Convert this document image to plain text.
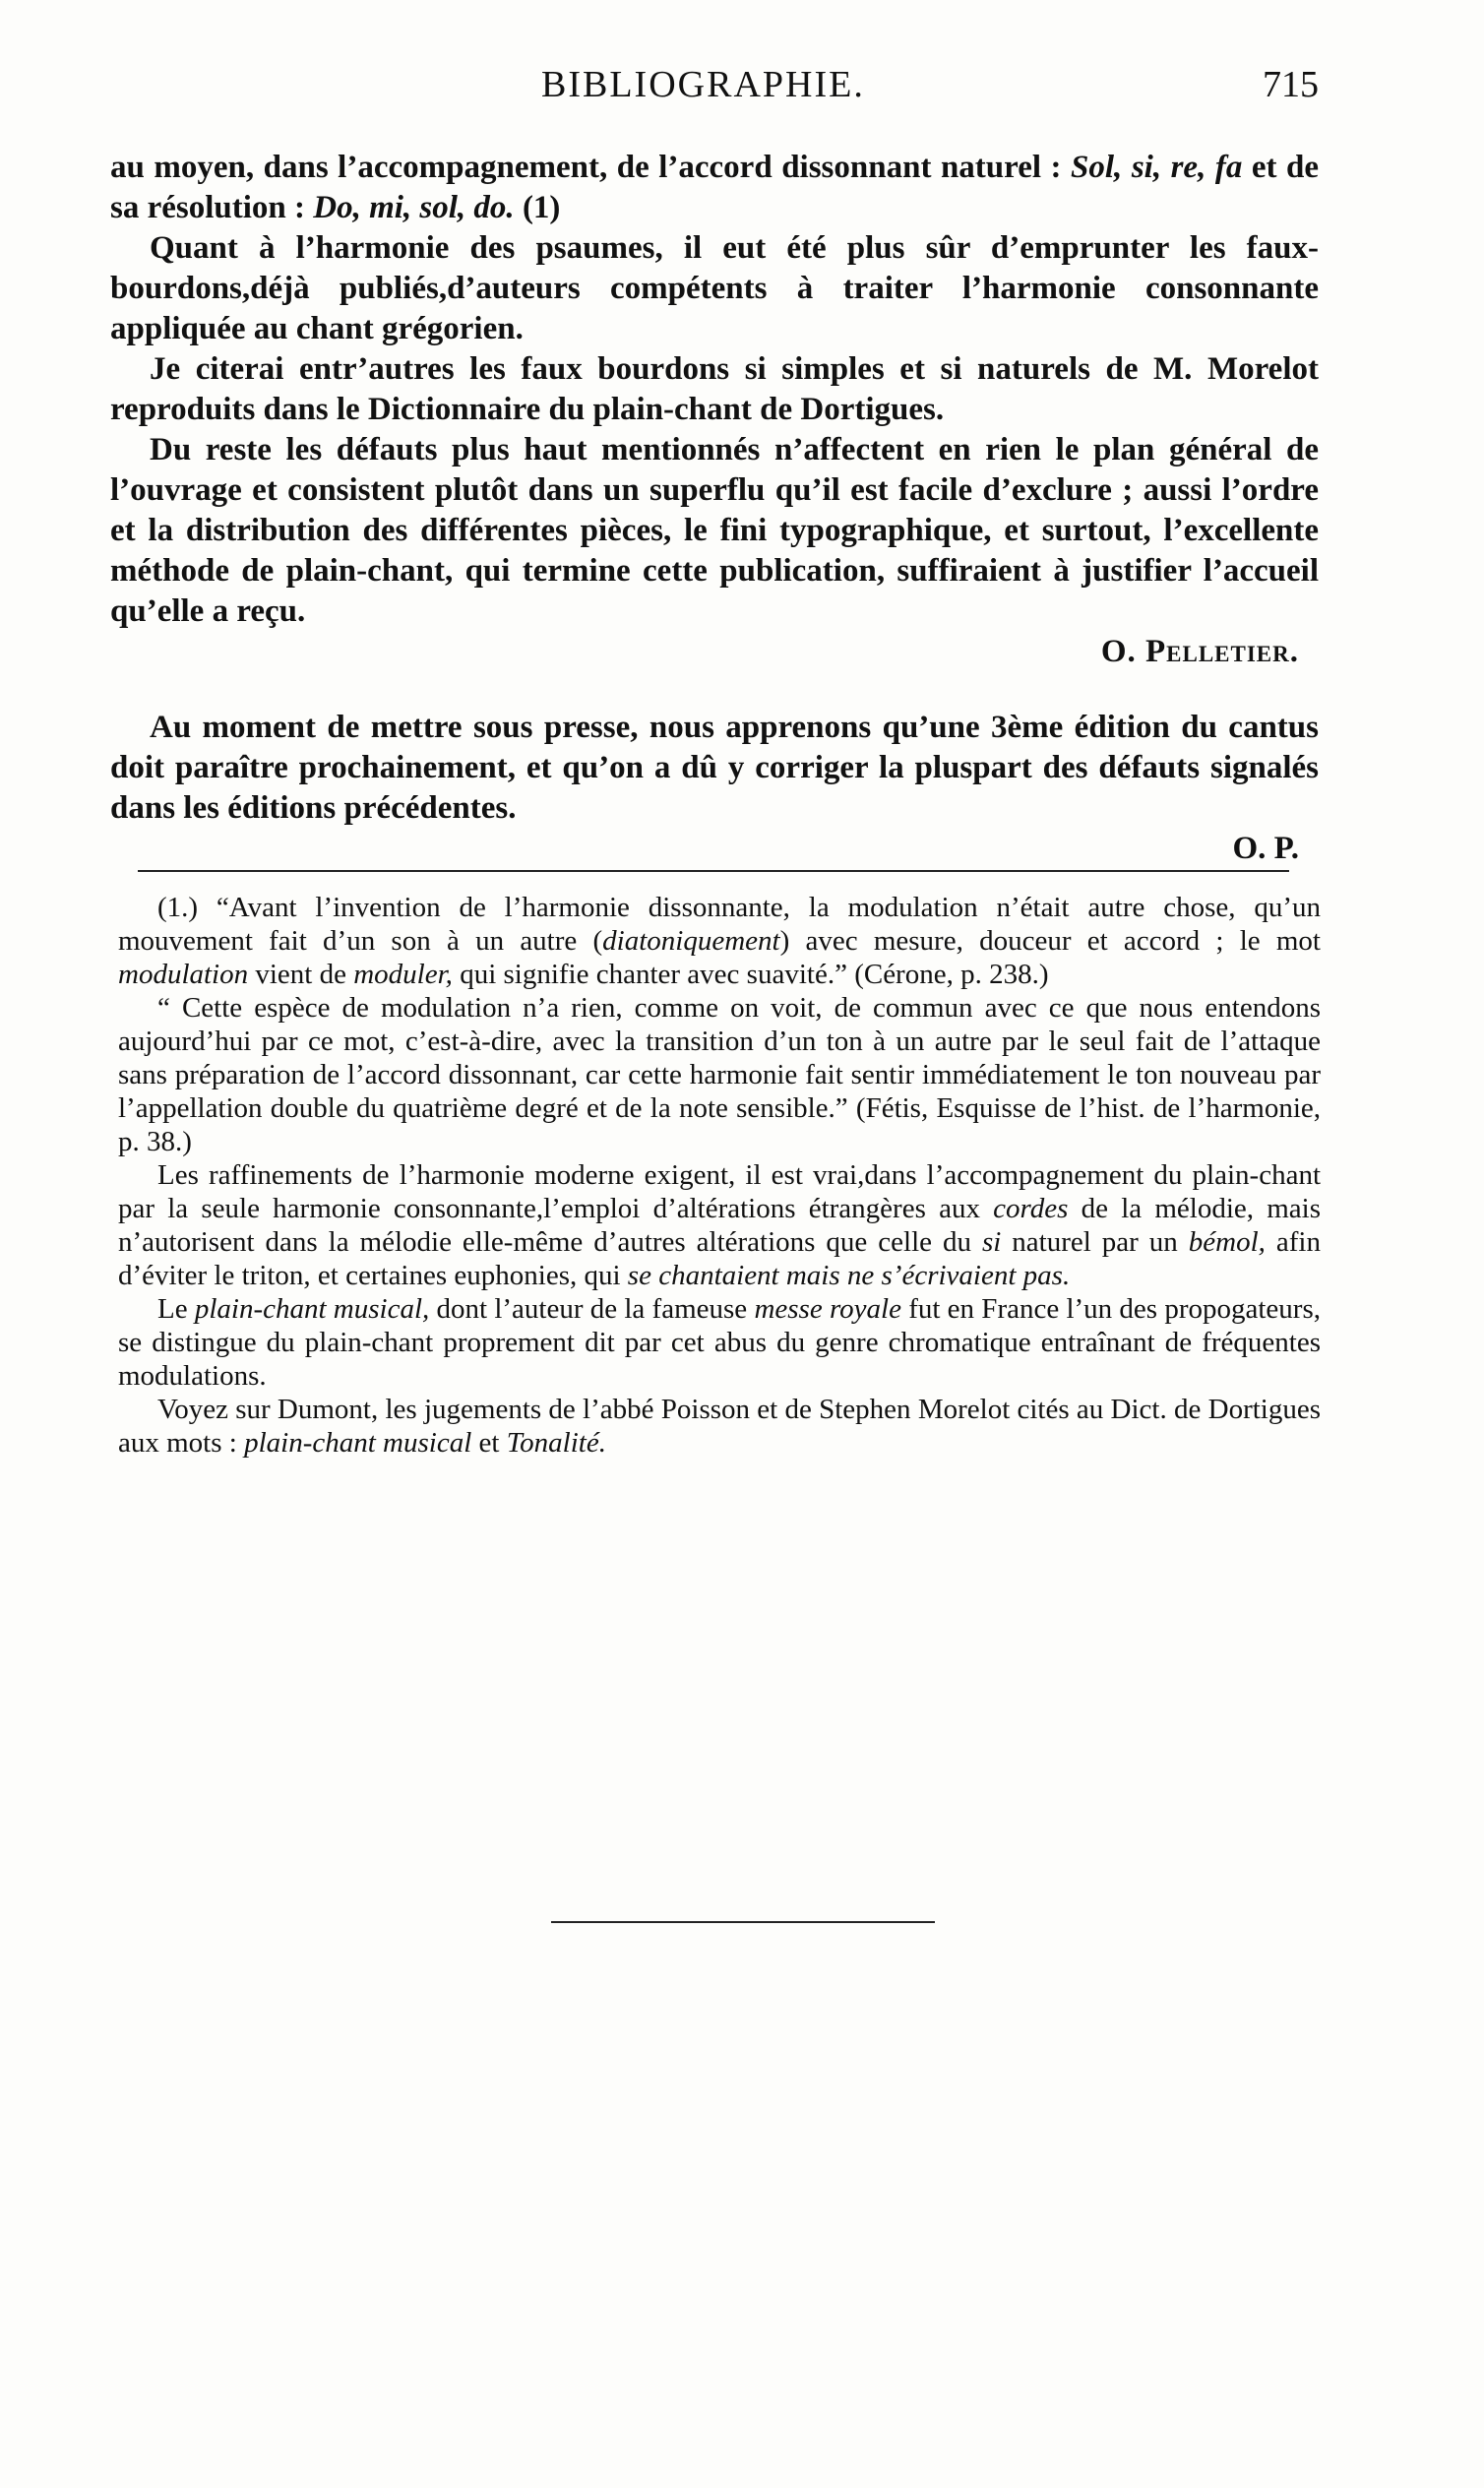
BIBLIOGRAPHIE.	715

au moyen, dans l’accompagnement, de l’accord dissonnant naturel : Sol, si, re, fa et de sa résolution : Do, mi, sol, do. (1)

Quant à l’harmonie des psaumes, il eut été plus sûr d’emprunter les faux-bourdons,déjà publiés,d’auteurs compétents à traiter l’harmonie consonnante appliquée au chant grégorien.

Je citerai entr’autres les faux bourdons si simples et si naturels de M. Morelot reproduits dans le Dictionnaire du plain-chant de Dortigues.

Du reste les défauts plus haut mentionnés n’affectent en rien le plan général de l’ouvrage et consistent plutôt dans un superflu qu’il est facile d’exclure ; aussi l’ordre et la distribution des différentes pièces, le fini typographique, et surtout, l’excellente méthode de plain-chant, qui termine cette publication, suffiraient à justifier l’accueil qu’elle a reçu.

O. Pelletier.

Au moment de mettre sous presse, nous apprenons qu’une 3ème édition du cantus doit paraître prochainement, et qu’on a dû y corriger la pluspart des défauts signalés dans les éditions précédentes.

O. P.

(1.) “Avant l’invention de l’harmonie dissonnante, la modulation n’était autre chose, qu’un mouvement fait d’un son à un autre (diatoniquement) avec mesure, douceur et accord ; le mot modulation vient de moduler, qui signifie chanter avec suavité.” (Cérone, p. 238.)

“ Cette espèce de modulation n’a rien, comme on voit, de commun avec ce que nous entendons aujourd’hui par ce mot, c’est-à-dire, avec la transition d’un ton à un autre par le seul fait de l’attaque sans préparation de l’accord dissonnant, car cette harmonie fait sentir immédiatement le ton nouveau par l’appellation double du quatrième degré et de la note sensible.” (Fétis, Esquisse de l’hist. de l’harmonie, p. 38.)

Les raffinements de l’harmonie moderne exigent, il est vrai,dans l’accompagnement du plain-chant par la seule harmonie consonnante,l’emploi d’altérations étrangères aux cordes de la mélodie, mais n’autorisent dans la mélodie elle-même d’autres altérations que celle du si naturel par un bémol, afin d’éviter le triton, et certaines euphonies, qui se chantaient mais ne s’écrivaient pas.

Le plain-chant musical, dont l’auteur de la fameuse messe royale fut en France l’un des propogateurs, se distingue du plain-chant proprement dit par cet abus du genre chromatique entraînant de fréquentes modulations.

Voyez sur Dumont, les jugements de l’abbé Poisson et de Stephen Morelot cités au Dict. de Dortigues aux mots : plain-chant musical et Tonalité.
